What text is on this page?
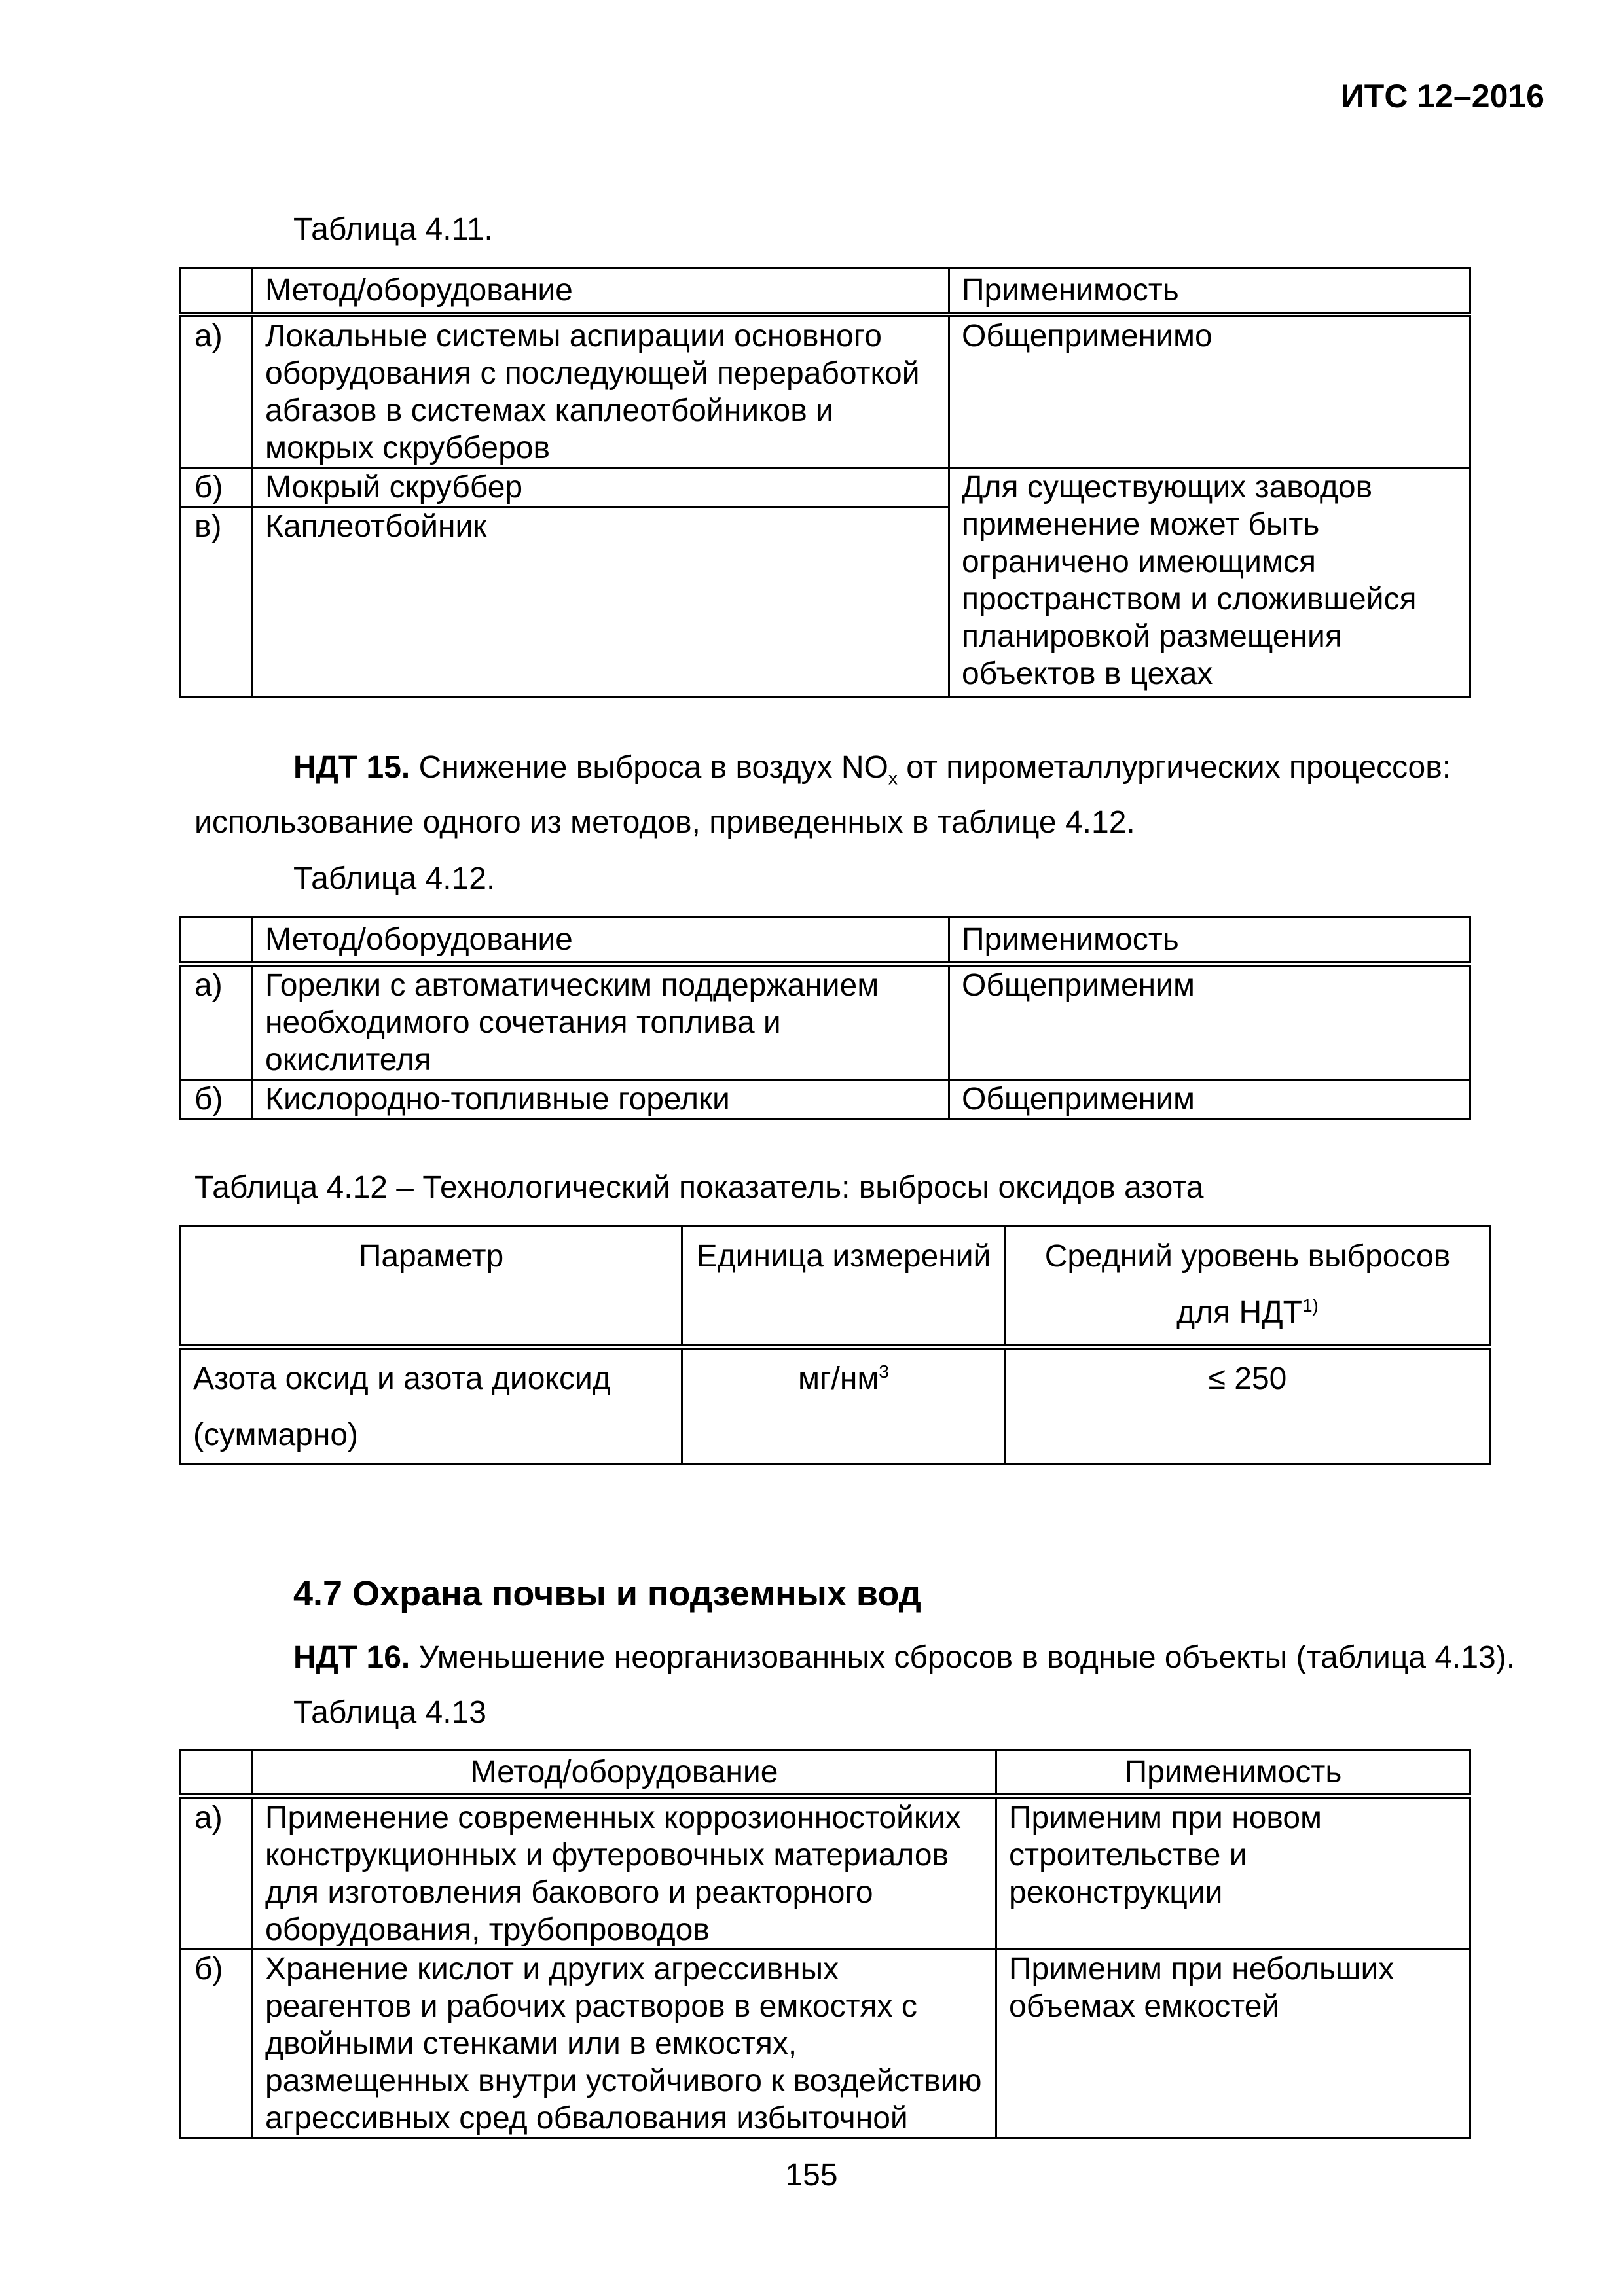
ИТС 12–2016
Таблица 4.11.
	Метод/оборудование	Применимость
а)	Локальные системы аспирации основного оборудования с последующей переработкой абгазов в системах каплеотбойников и мокрых скрубберов	Общеприменимо
б)	Мокрый скруббер	Для существующих заводов применение может быть ограничено имеющимся пространством и сложившейся планировкой размещения объектов в цехах
в)	Каплеотбойник	
НДТ 15. Снижение выброса в воздух $NO_x$ от пирометаллургических процессов:
использование одного из методов, приведенных в таблице 4.12.
Таблица 4.12.
	Метод/оборудование	Применимость
а)	Горелки с автоматическим поддержанием необходимого сочетания топлива и окислителя	Общеприменим
б)	Кислородно-топливные горелки	Общеприменим
Таблица 4.12 – Технологический показатель: выбросы оксидов азота
Параметр	Единица измерений	Средний уровень выбросов для НДТ$^{1)}$
Азота оксид и азота диоксид (суммарно)	$мг/нм^3$	≤ 250
4.7 Охрана почвы и подземных вод
НДТ 16. Уменьшение неорганизованных сбросов в водные объекты (таблица 4.13).
Таблица 4.13
	Метод/оборудование	Применимость
а)	Применение современных коррозионностойких конструкционных и футеровочных материалов для изготовления бакового и реакторного оборудования, трубопроводов	Применим при новом строительстве и реконструкции
б)	Хранение кислот и других агрессивных реагентов и рабочих растворов в емкостях с двойными стенками или в емкостях, размещенных внутри устойчивого к воздействию агрессивных сред обвалования избыточной	Применим при небольших объемах емкостей
155
